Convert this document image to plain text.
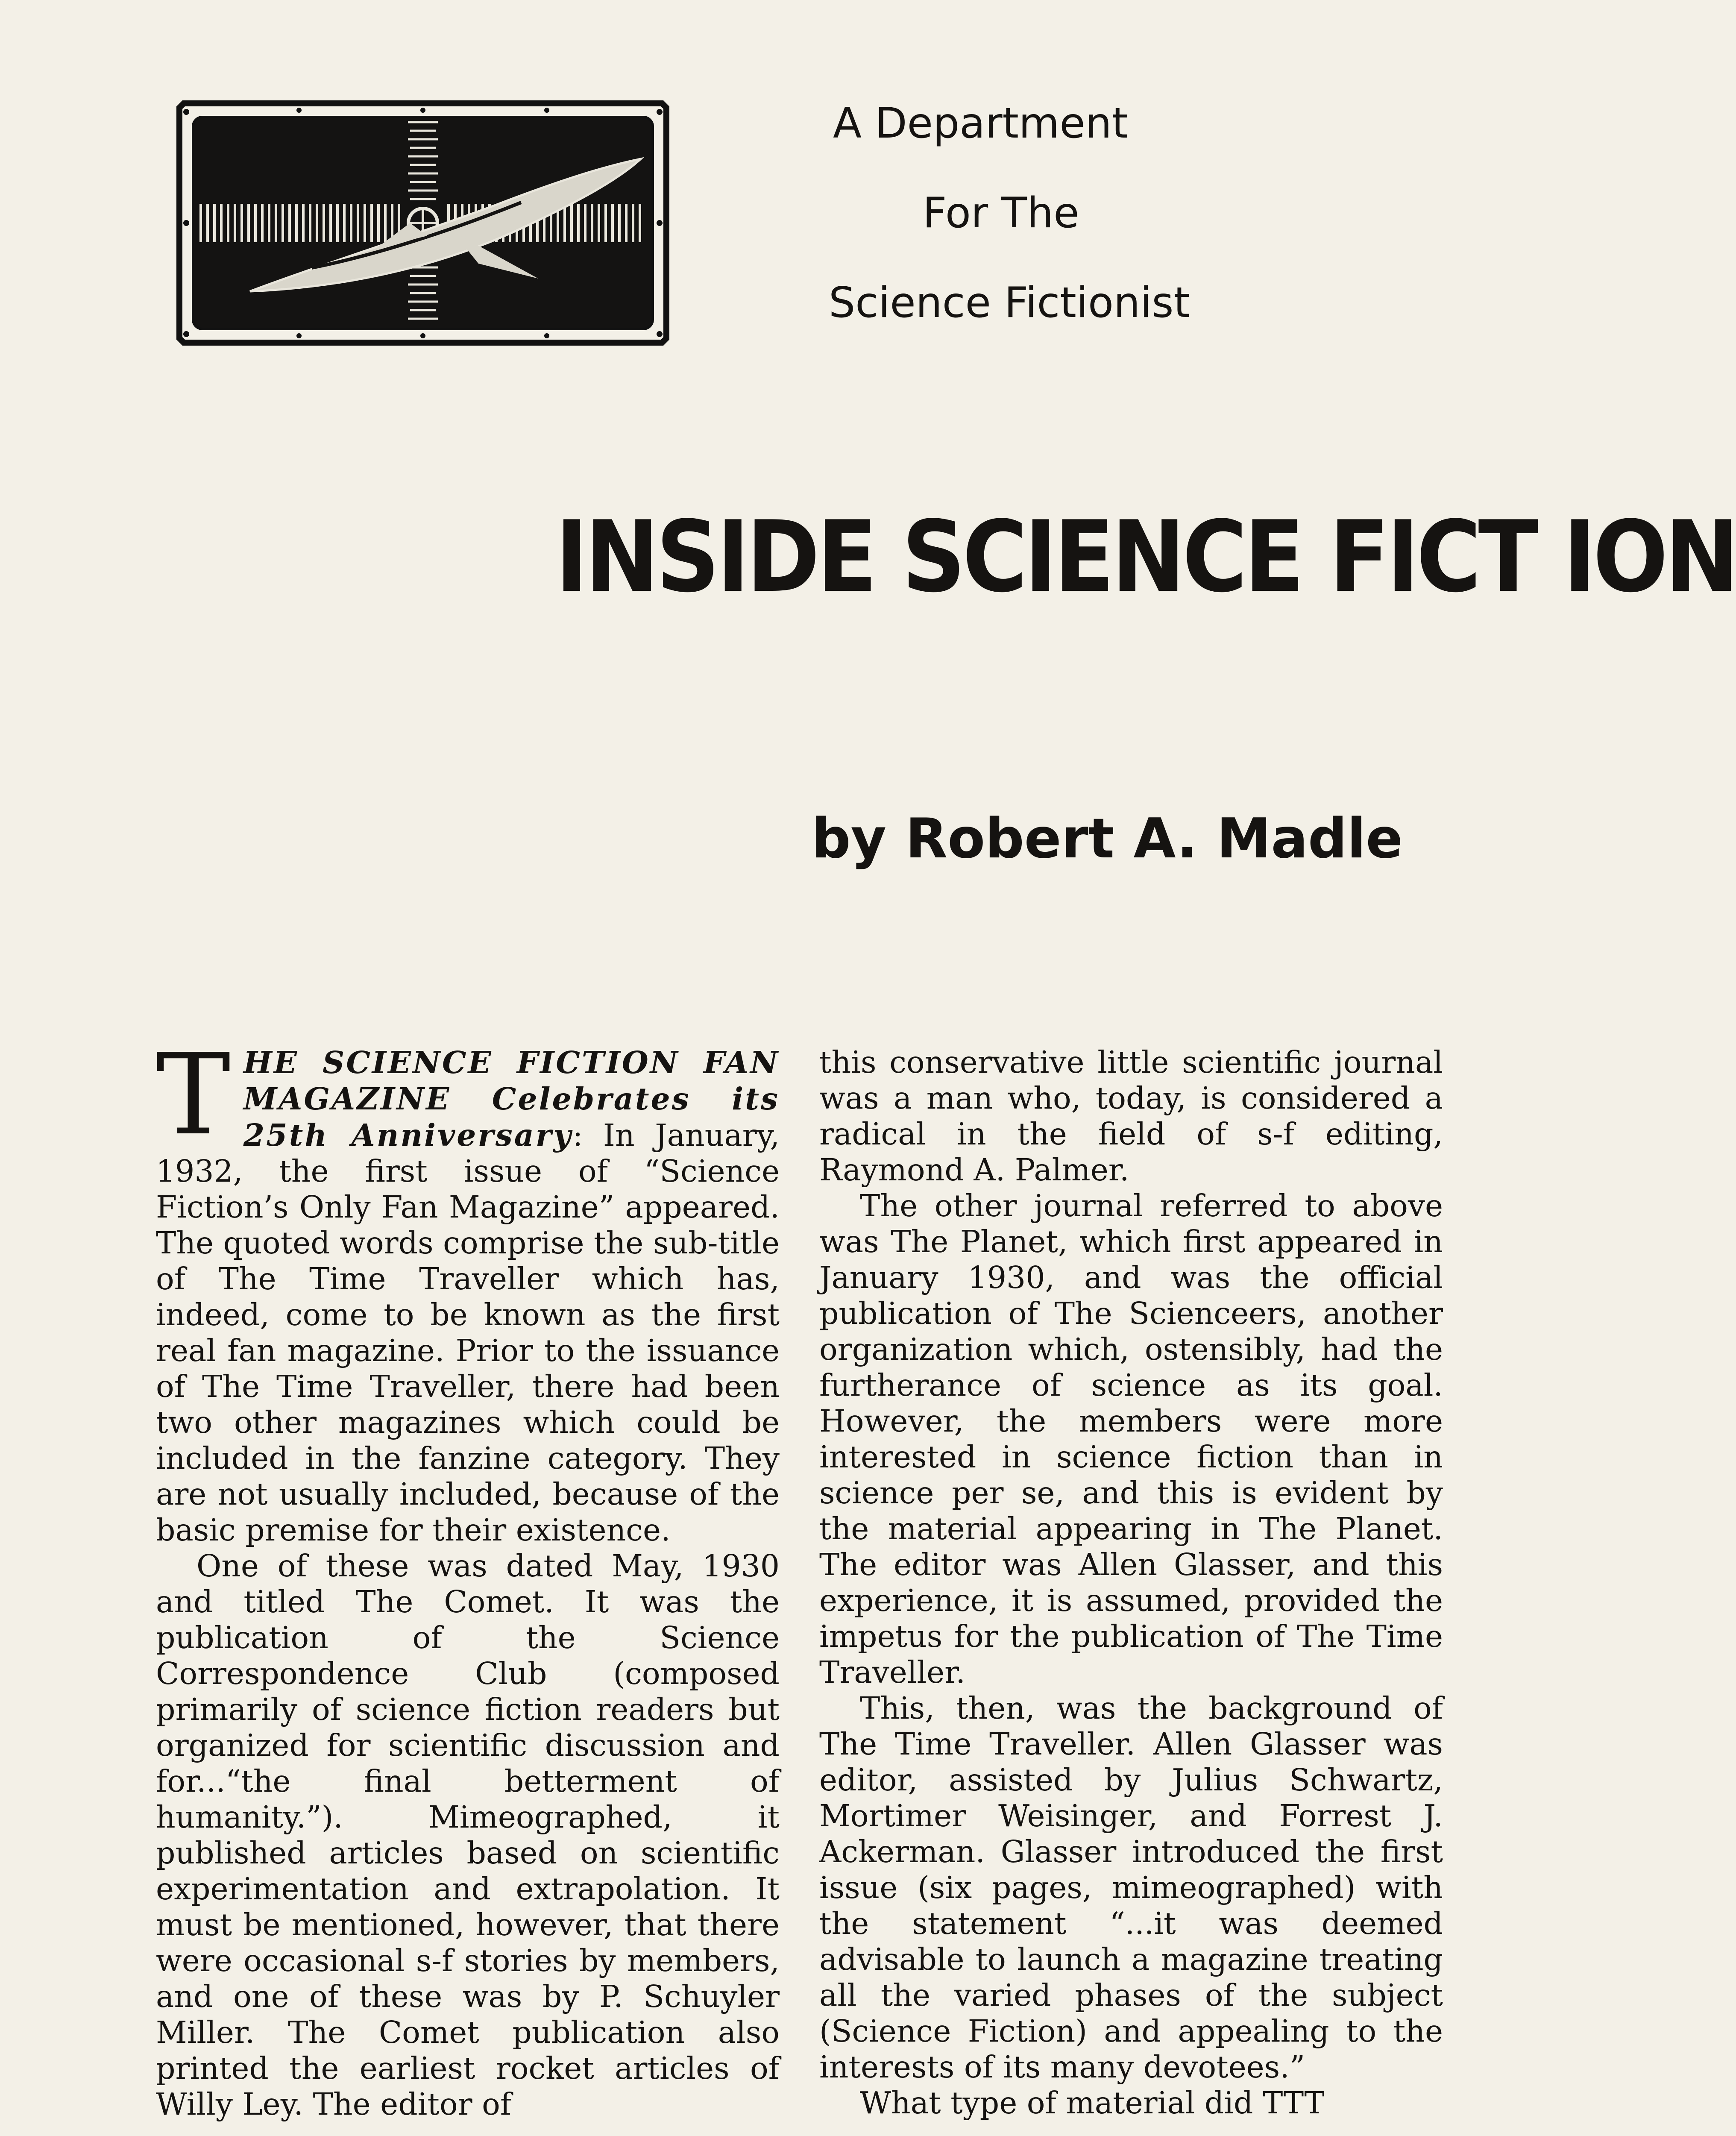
A Department
For The
Science Fictionist
INSIDE SCIENCE FICT ION
by Robert A. Madle

THE SCIENCE FICTION FAN MAGAZINE Celebrates its 25th Anniversary: In January, 1932, the first issue of “Science Fiction’s Only Fan Magazine” appeared. The quoted words comprise the sub-title of The Time Traveller which has, indeed, come to be known as the first real fan magazine. Prior to the issuance of The Time Traveller, there had been two other magazines which could be included in the fanzine category. They are not usually included, because of the basic premise for their existence.

One of these was dated May, 1930 and titled The Comet. It was the publication of the Science Correspondence Club (composed primarily of science fiction readers but organized for scientific discussion and for...“the final betterment of humanity.”). Mimeographed, it published articles based on scientific experimentation and extrapolation. It must be mentioned, however, that there were occasional s-f stories by members, and one of these was by P. Schuyler Miller. The Comet publication also printed the earliest rocket articles of Willy Ley. The editor of

this conservative little scientific journal was a man who, today, is considered a radical in the field of s-f editing, Raymond A. Palmer.

The other journal referred to above was The Planet, which first appeared in January 1930, and was the official publication of The Scienceers, another organization which, ostensibly, had the furtherance of science as its goal. However, the members were more interested in science fiction than in science per se, and this is evident by the material appearing in The Planet. The editor was Allen Glasser, and this experience, it is assumed, provided the impetus for the publication of The Time Traveller.

This, then, was the background of The Time Traveller. Allen Glasser was editor, assisted by Julius Schwartz, Mortimer Weisinger, and Forrest J. Ackerman. Glasser introduced the first issue (six pages, mimeographed) with the statement “...it was deemed advisable to launch a magazine treating all the varied phases of the subject (Science Fiction) and appealing to the interests of its many devotees.”

What type of material did TTT
